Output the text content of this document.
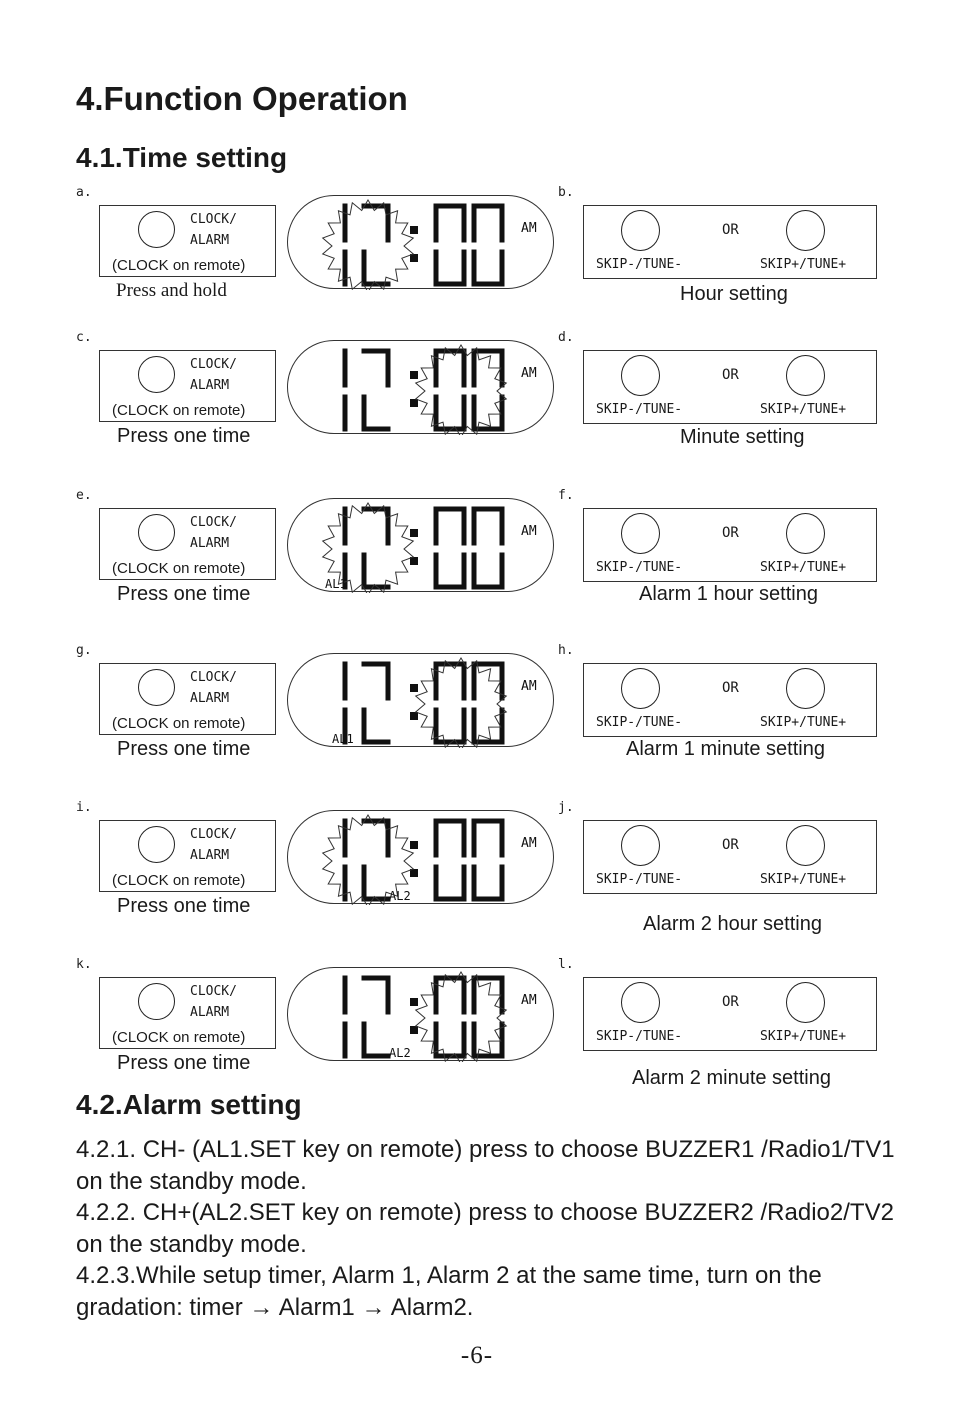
4.Function Operation
4.1.Time setting
a.	b.
CLOCK/
ALARM
(CLOCK on remote)
Press and hold
AM	OR
SKIP-/TUNE-	SKIP+/TUNE+
Hour setting
c.	d.
CLOCK/
ALARM
(CLOCK on remote)
Press one time
AM	OR
SKIP-/TUNE-	SKIP+/TUNE+
Minute setting
e.	f.
CLOCK/
ALARM
(CLOCK on remote)
Press one time
AM
AL1
OR
SKIP-/TUNE-	SKIP+/TUNE+
Alarm 1 hour setting
g.	h.
CLOCK/
ALARM
(CLOCK on remote)
Press one time
AM
AL1
OR
SKIP-/TUNE-	SKIP+/TUNE+
Alarm 1 minute setting
i.	j.
CLOCK/
ALARM
(CLOCK on remote)
Press one time
AM
AL2
OR
SKIP-/TUNE-	SKIP+/TUNE+
Alarm 2 hour setting
k.	l.
CLOCK/
ALARM
(CLOCK on remote)
Press one time
AM
AL2
OR
SKIP-/TUNE-	SKIP+/TUNE+
Alarm 2 minute setting
4.2.Alarm setting

4.2.1. CH- (AL1.SET key on remote) press to choose BUZZER1 /Radio1/TV1 on the standby mode.

4.2.2. CH+(AL2.SET key on remote) press to choose BUZZER2 /Radio2/TV2 on the standby mode.

4.2.3.While setup timer, Alarm 1, Alarm 2 at the same time, turn on the gradation: timer → Alarm1 → Alarm2.

-6-
